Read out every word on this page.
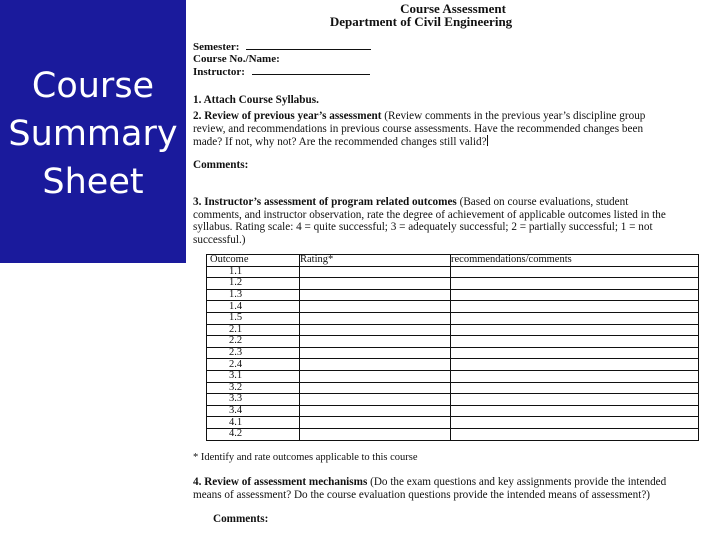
Course
Summary
Sheet
Course Assessment
Department of Civil Engineering
Semester:
Course No./Name:
Instructor:
1. Attach Course Syllabus.
2. Review of previous year’s assessment (Review comments in the previous year’s discipline group review, and recommendations in previous course assessments. Have the recommended changes been made? If not, why not? Are the recommended changes still valid?
Comments:
3. Instructor’s assessment of program related outcomes (Based on course evaluations, student comments, and instructor observation, rate the degree of achievement of applicable outcomes listed in the syllabus. Rating scale: 4 = quite successful; 3 = adequately successful; 2 = partially successful; 1 = not successful.)
Outcome	Rating*	recommendations/comments
1.1		
1.2		
1.3		
1.4		
1.5		
2.1		
2.2		
2.3		
2.4		
3.1		
3.2		
3.3		
3.4		
4.1		
4.2		
* Identify and rate outcomes applicable to this course
4. Review of assessment mechanisms (Do the exam questions and key assignments provide the intended means of assessment? Do the course evaluation questions provide the intended means of assessment?)
Comments:
